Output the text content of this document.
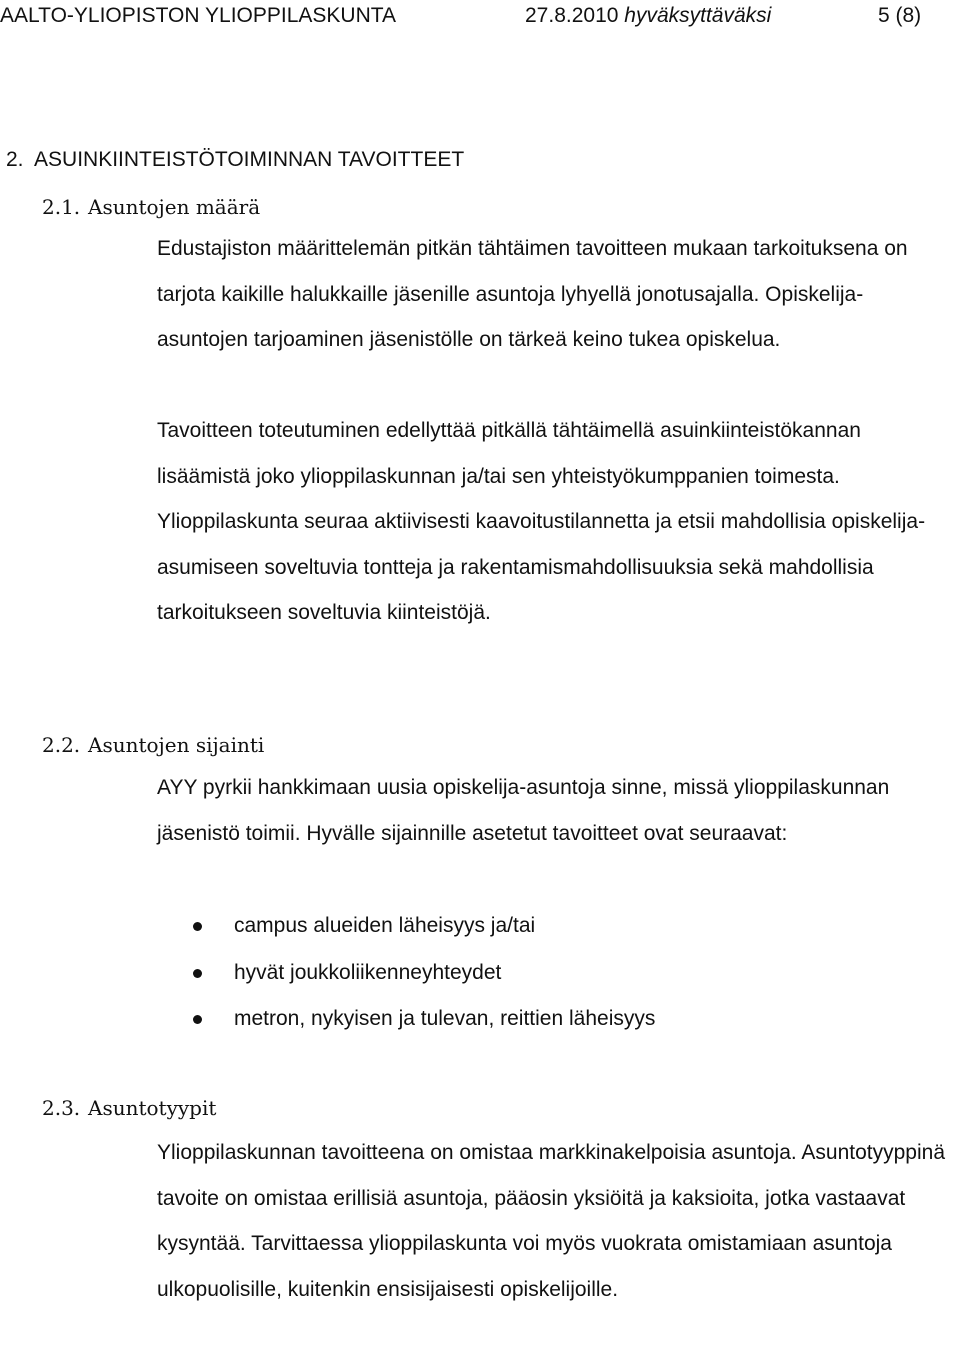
AALTO-YLIOPISTON YLIOPPILASKUNTA	27.8.2010 hyväksyttäväksi	5 (8)
2. ASUINKIINTEISTÖTOIMINNAN TAVOITTEET
2.1. Asuntojen määrä

Edustajiston määrittelemän pitkän tähtäimen tavoitteen mukaan tarkoituksena on tarjota kaikille halukkaille jäsenille asuntoja lyhyellä jonotusajalla. Opiskelija-asuntojen tarjoaminen jäsenistölle on tärkeä keino tukea opiskelua.

Tavoitteen toteutuminen edellyttää pitkällä tähtäimellä asuinkiinteistökannan lisäämistä joko ylioppilaskunnan ja/tai sen yhteistyökumppanien toimesta. Ylioppilaskunta seuraa aktiivisesti kaavoitustilannetta ja etsii mahdollisia opiskelija-asumiseen soveltuvia tontteja ja rakentamismahdollisuuksia sekä mahdollisia tarkoitukseen soveltuvia kiinteistöjä.

2.2. Asuntojen sijainti

AYY pyrkii hankkimaan uusia opiskelija-asuntoja sinne, missä ylioppilaskunnan jäsenistö toimii. Hyvälle sijainnille asetetut tavoitteet ovat seuraavat:

campus alueiden läheisyys ja/tai
hyvät joukkoliikenneyhteydet
metron, nykyisen ja tulevan, reittien läheisyys
2.3. Asuntotyypit

Ylioppilaskunnan tavoitteena on omistaa markkinakelpoisia asuntoja. Asuntotyyppinä tavoite on omistaa erillisiä asuntoja, pääosin yksiöitä ja kaksioita, jotka vastaavat kysyntää. Tarvittaessa ylioppilaskunta voi myös vuokrata omistamiaan asuntoja ulkopuolisille, kuitenkin ensisijaisesti opiskelijoille.
